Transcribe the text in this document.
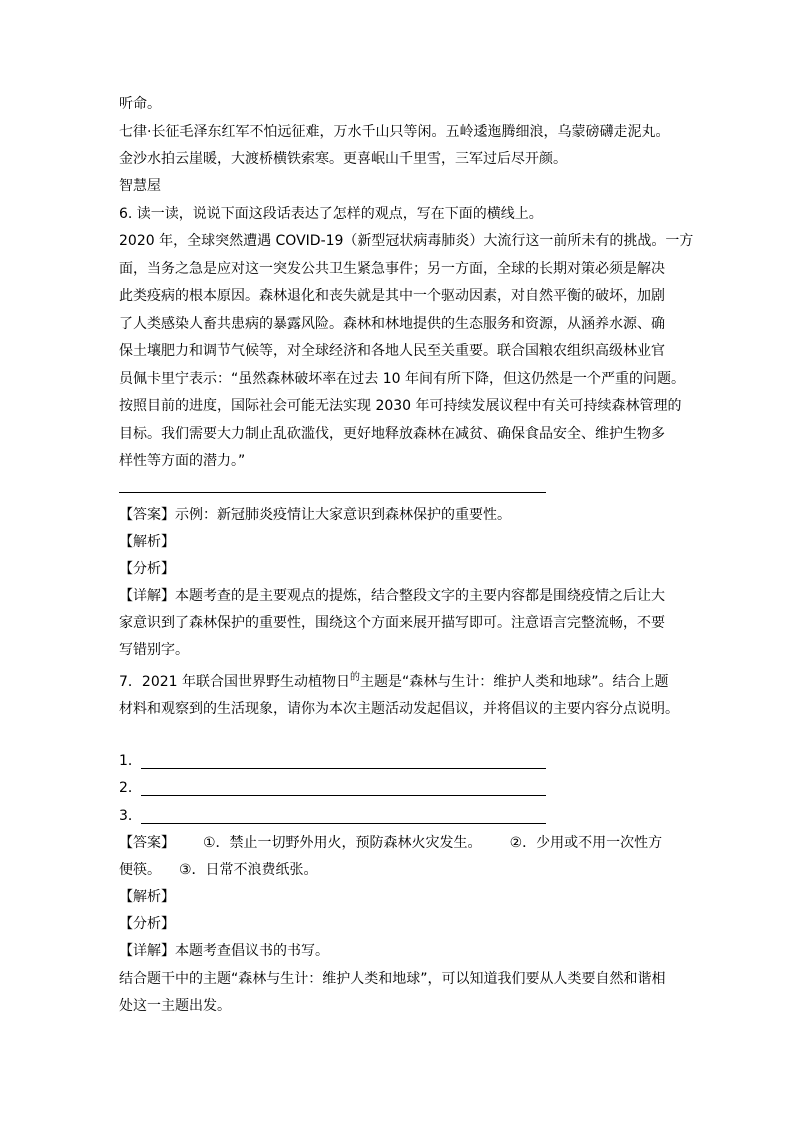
听命。
七律·长征毛泽东红军不怕远征难，万水千山只等闲。五岭逶迤腾细浪，乌蒙磅礴走泥丸。
金沙水拍云崖暖，大渡桥横铁索寒。更喜岷山千里雪，三军过后尽开颜。
智慧屋
6. 读一读，说说下面这段话表达了怎样的观点，写在下面的横线上。
2020 年，全球突然遭遇 COVID-19（新型冠状病毒肺炎）大流行这一前所未有的挑战。一方
面，当务之急是应对这一突发公共卫生紧急事件；另一方面，全球的长期对策必须是解决
此类疫病的根本原因。森林退化和丧失就是其中一个驱动因素，对自然平衡的破坏，加剧
了人类感染人畜共患病的暴露风险。森林和林地提供的生态服务和资源，从涵养水源、确
保土壤肥力和调节气候等，对全球经济和各地人民至关重要。联合国粮农组织高级林业官
员佩卡里宁表示：“虽然森林破坏率在过去 10 年间有所下降，但这仍然是一个严重的问题。
按照目前的进度，国际社会可能无法实现 2030 年可持续发展议程中有关可持续森林管理的
目标。我们需要大力制止乱砍滥伐，更好地释放森林在减贫、确保食品安全、维护生物多
样性等方面的潜力。”
【答案】示例：新冠肺炎疫情让大家意识到森林保护的重要性。
【解析】
【分析】
【详解】本题考查的是主要观点的提炼，结合整段文字的主要内容都是围绕疫情之后让大
家意识到了森林保护的重要性，围绕这个方面来展开描写即可。注意语言完整流畅，不要
写错别字。
7．2021 年联合国世界野生动植物日$^的$主题是“森林与生计：维护人类和地球”。结合上题
材料和观察到的生活现象，请你为本次主题活动发起倡议，并将倡议的主要内容分点说明。
1．
2．
3．
【答案】 ①．禁止一切野外用火，预防森林火灾发生。 ②．少用或不用一次性方
便筷。 ③．日常不浪费纸张。
【解析】
【分析】
【详解】本题考查倡议书的书写。
结合题干中的主题“森林与生计：维护人类和地球”，可以知道我们要从人类要自然和谐相
处这一主题出发。
